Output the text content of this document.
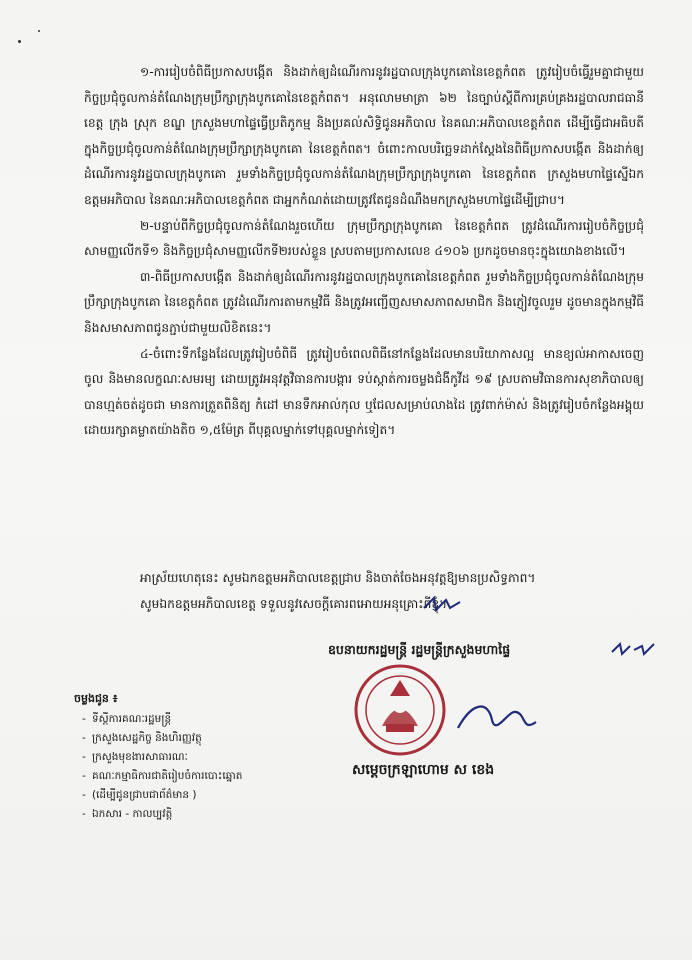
១-ការរៀបចំពិធីប្រកាសបង្កើត និងដាក់ឲ្យដំណើរការនូវរដ្ឋបាលក្រុងបូកគោនៃខេត្តកំពត ត្រូវរៀបចំធ្វើរួមគ្នាជាមួយកិច្ចប្រជុំចូលកាន់តំណែងក្រុមប្រឹក្សាក្រុងបូកគោនៃខេត្តកំពត។ អនុលោមមាត្រា ៦២ នៃច្បាប់ស្តីពីការគ្រប់គ្រងរដ្ឋបាលរាជធានី ខេត្ត ក្រុង ស្រុក ខណ្ឌ ក្រសួងមហាផ្ទៃធ្វើប្រតិភូកម្ម និងប្រគល់សិទ្ធិជូនអភិបាល នៃគណៈអភិបាលខេត្តកំពត ដើម្បីធ្វើជាអធិបតីក្នុងកិច្ចប្រជុំចូលកាន់តំណែងក្រុមប្រឹក្សាក្រុងបូកគោ នៃខេត្តកំពត។ ចំពោះកាលបរិច្ឆេទដាក់ស្តែងនៃពិធីប្រកាសបង្កើត និងដាក់ឲ្យដំណើរការនូវរដ្ឋបាលក្រុងបូកគោ រួមទាំងកិច្ចប្រជុំចូលកាន់តំណែងក្រុមប្រឹក្សាក្រុងបូកគោ នៃខេត្តកំពត ក្រសួងមហាផ្ទៃស្នើឯកឧត្តមអភិបាល នៃគណៈអភិបាលខេត្តកំពត ជាអ្នកកំណត់ដោយត្រូវតែជូនដំណឹងមកក្រសួងមហាផ្ទៃដើម្បីជ្រាប។

២-បន្ទាប់ពីកិច្ចប្រជុំចូលកាន់តំណែងរួចហើយ ក្រុមប្រឹក្សាក្រុងបូកគោ នៃខេត្តកំពត ត្រូវដំណើរការរៀបចំកិច្ចប្រជុំសាមញ្ញលើកទី១ និងកិច្ចប្រជុំសាមញ្ញលើកទី២របស់ខ្លួន ស្របតាមប្រកាសលេខ ៤១០៦ ប្រកដូចមានចុះក្នុងយោងខាងលើ។

៣-ពិធីប្រកាសបង្កើត និងដាក់ឲ្យដំណើរការនូវរដ្ឋបាលក្រុងបូកគោនៃខេត្តកំពត រួមទាំងកិច្ចប្រជុំចូលកាន់តំណែងក្រុមប្រឹក្សាក្រុងបូកគោ នៃខេត្តកំពត ត្រូវដំណើរការតាមកម្មវិធី និងត្រូវអញ្ជើញសមាសភាពសមាជិក និងភ្ញៀវចូលរួម ដូចមានក្នុងកម្មវិធី និងសមាសភាពជូនភ្ជាប់ជាមួយលិខិតនេះ។

៤-ចំពោះទីកន្លែងដែលត្រូវរៀបចំពិធី ត្រូវរៀបចំពេលពិធីនៅកន្លែងដែលមានបរិយាកាសល្អ មានខ្យល់អាកាសចេញចូល និងមានលក្ខណៈសមរម្យ ដោយត្រូវអនុវត្តវិធានការបង្ការ ទប់ស្កាត់ការចម្លងជំងឺកូវីដ ១៩ ស្របតាមវិធានការសុខាភិបាលឲ្យបានហ្មត់ចត់ដូចជា មានការត្រួតពិនិត្យ កំដៅ មានទឹកអាល់កុល ឬជែលសម្រាប់លាងដៃ ត្រូវពាក់ម៉ាស់ និងត្រូវរៀបចំកន្លែងអង្គុយដោយរក្សាគម្លាតយ៉ាងតិច ១,៥ម៉ែត្រ ពីបុគ្គលម្នាក់ទៅបុគ្គលម្នាក់ទៀត។

អាស្រ័យហេតុនេះ សូមឯកឧត្តមអភិបាលខេត្តជ្រាប និងចាត់ចែងអនុវត្តឱ្យមានប្រសិទ្ធភាព។
សូមឯកឧត្តមអភិបាលខេត្ត ទទួលនូវសេចក្តីគោរពអោយអនុគ្រោះពីខ្ញុំ។
ឧបនាយករដ្ឋមន្ត្រី រដ្ឋមន្ត្រីក្រសួងមហាផ្ទៃ
សម្តេចក្រឡាហោម ស ខេង
ចម្លងជូន ៖
- ទីស្តីការគណៈរដ្ឋមន្ត្រី
- ក្រសួងសេដ្ឋកិច្ច និងហិរញ្ញវត្ថុ
- ក្រសួងមុខងារសាធារណៈ
- គណៈកម្មាធិការជាតិរៀបចំការបោះឆ្នោត
- (ដើម្បីជូនជ្រាបជាព័ត៌មាន )
- ឯកសារ - កាលប្បវត្តិ
